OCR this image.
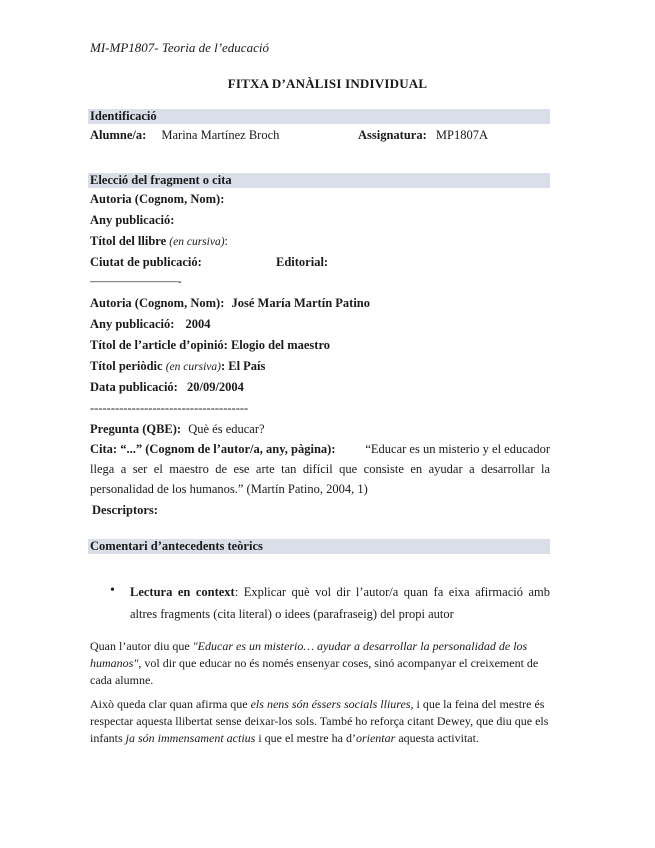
MI-MP1807- Teoria de l’educació
FITXA D’ANÀLISI INDIVIDUAL
Identificació
Alumne/a: Marina Martínez Broch	Assignatura: MP1807A
Elecció del fragment o cita
Autoria (Cognom, Nom):
Any publicació:
Títol del llibre (en cursiva):
Ciutat de publicació:	Editorial:
––––––––––––––-
Autoria (Cognom, Nom): José María Martín Patino
Any publicació: 2004
Títol de l’article d’opinió: Elogio del maestro
Títol periòdic (en cursiva): El País
Data publicació: 20/09/2004
--------------------------------------
Pregunta (QBE): Què és educar?
Cita: “...” (Cognom de l’autor/a, any, pàgina): “Educar es un misterio y el educador
llega a ser el maestro de ese arte tan difícil que consiste en ayudar a desarrollar la
personalidad de los humanos.” (Martín Patino, 2004, 1)
Descriptors:
Comentari d’antecedents teòrics
• Lectura en context: Explicar què vol dir l’autor/a quan fa eixa afirmació amb altres fragments (cita literal) o idees (parafraseig) del propi autor
Quan l’autor diu que "Educar es un misterio… ayudar a desarrollar la personalidad de los humanos", vol dir que educar no és només ensenyar coses, sinó acompanyar el creixement de cada alumne.
Això queda clar quan afirma que els nens són éssers socials lliures, i que la feina del mestre és respectar aquesta llibertat sense deixar-los sols. També ho reforça citant Dewey, que diu que els infants ja són immensament actius i que el mestre ha d’orientar aquesta activitat.
